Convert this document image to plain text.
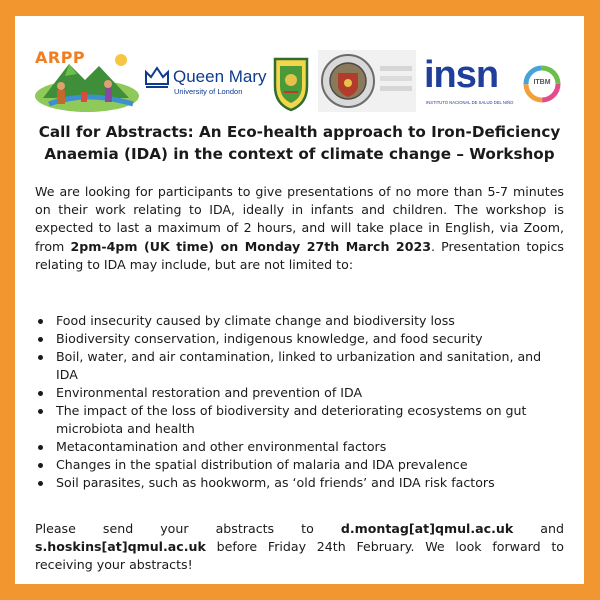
ARPP
Queen Mary
University of London	insn
INSTITUTO NACIONAL DE SALUD DEL NIÑO
ITBM
Call for Abstracts: An Eco-health approach to Iron-Deficiency Anaemia (IDA) in the context of climate change – Workshop

We are looking for participants to give presentations of no more than 5-7 minutes on their work relating to IDA, ideally in infants and children. The workshop is expected to last a maximum of 2 hours, and will take place in English, via Zoom, from 2pm-4pm (UK time) on Monday 27th March 2023. Presentation topics relating to IDA may include, but are not limited to:

Food insecurity caused by climate change and biodiversity loss
Biodiversity conservation, indigenous knowledge, and food security
Boil, water, and air contamination, linked to urbanization and sanitation, and IDA
Environmental restoration and prevention of IDA
The impact of the loss of biodiversity and deteriorating ecosystems on gut microbiota and health
Metacontamination and other environmental factors
Changes in the spatial distribution of malaria and IDA prevalence
Soil parasites, such as hookworm, as ‘old friends’ and IDA risk factors

Please send your abstracts to d.montag[at]qmul.ac.uk and s.hoskins[at]qmul.ac.uk before Friday 24th February. We look forward to receiving your abstracts!
